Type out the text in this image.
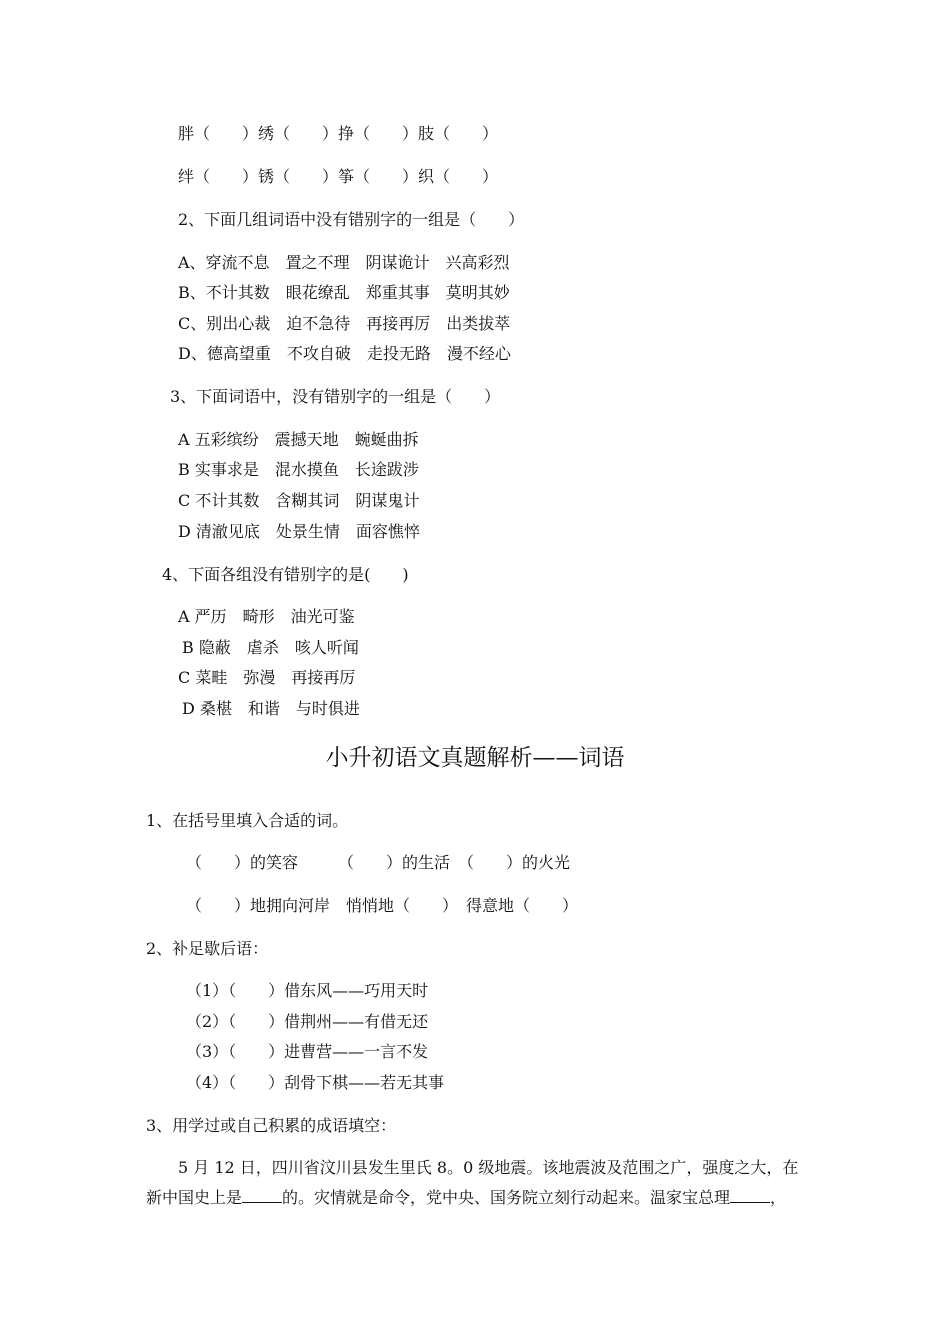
胖（　　）绣（　　）挣（　　）肢（　　）
绊（　　）锈（　　）筝（　　）织（　　）
2、下面几组词语中没有错别字的一组是（　　）
A、穿流不息　置之不理　阴谋诡计　兴高彩烈
B、不计其数　眼花缭乱　郑重其事　莫明其妙
C、别出心裁　迫不急待　再接再厉　出类拔萃
D、德高望重　不攻自破　走投无路　漫不经心
3、下面词语中，没有错别字的一组是（　　）
A 五彩缤纷　震撼天地　蜿蜒曲拆
B 实事求是　混水摸鱼　长途跋涉
C 不计其数　含糊其词　阴谋鬼计
D 清澈见底　处景生情　面容憔悴
4、下面各组没有错别字的是(　　)
A 严历　畸形　油光可鉴
B 隐蔽　虐杀　咳人听闻
C 菜畦　弥漫　再接再厉
D 桑椹　和谐　与时俱进
小升初语文真题解析——词语
1、在括号里填入合适的词。
（　　）的笑容　　　（　　）的生活　（　　）的火光
（　　）地拥向河岸　悄悄地（　　）　得意地（　　）
2、补足歇后语：
（1）（　　）借东风——巧用天时
（2）（　　）借荆州——有借无还
（3）（　　）进曹营——一言不发
（4）（　　）刮骨下棋——若无其事
3、用学过或自己积累的成语填空：
5 月 12 日，四川省汶川县发生里氏 8。0 级地震。该地震波及范围之广，强度之大，在新中国史上是	的。灾情就是命令，党中央、国务院立刻行动起来。温家宝总理	，
